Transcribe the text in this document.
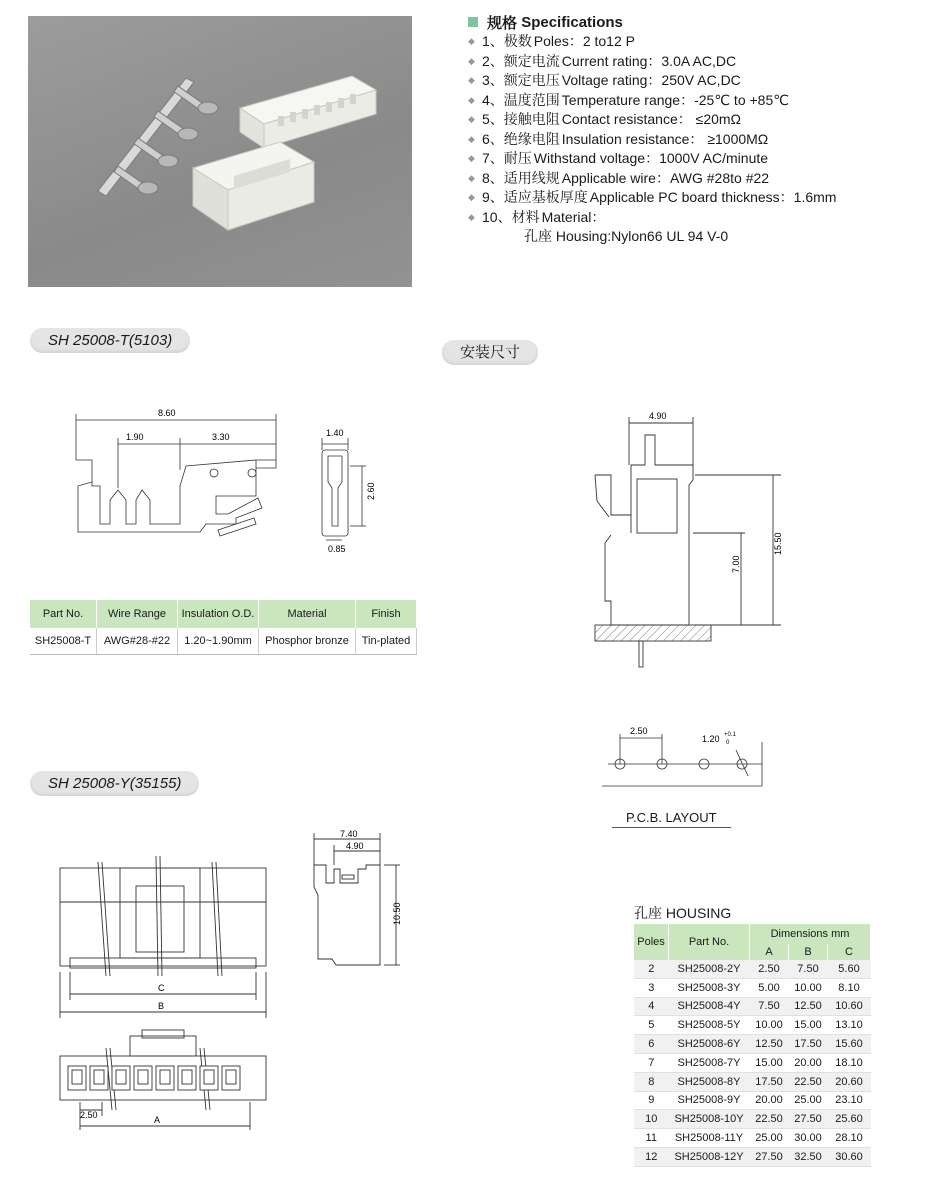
规格
Specifications
◆ 1、极数 Poles：2 to12 P
◆ 2、额定电流 Current rating：3.0A AC,DC
◆ 3、额定电压 Voltage rating：250V AC,DC
◆ 4、温度范围 Temperature range：-25℃ to +85℃
◆ 5、接触电阻 Contact resistance： ≤20mΩ
◆ 6、绝缘电阻 Insulation resistance： ≥1000MΩ
◆ 7、耐压 Withstand voltage：1000V AC/minute
◆ 8、适用线规 Applicable wire：AWG #28to #22
◆ 9、适应基板厚度 Applicable PC board thickness：1.6mm
◆ 10、材料 Material：
孔座 Housing:Nylon66 UL 94 V-0
SH 25008-T(5103)
安装尺寸
SH 25008-Y(35155)
8.60
1.90	3.30	1.40
2.60
0.85
Part No.	Wire Range	Insulation O.D.	Material	Finish
SH25008-T	AWG#28-#22	1.20~1.90mm	Phosphor bronze	Tin-plated
4.90
15.50
7.00
2.50
1.20 +0.1
0
P.C.B. LAYOUT
C
B
A
2.50
7.40
4.90
10.50	孔座 HOUSING
Poles	Part No.	Dimensions mm		
		A	B	C
2	SH25008-2Y	2.50	7.50	5.60
3	SH25008-3Y	5.00	10.00	8.10
4	SH25008-4Y	7.50	12.50	10.60
5	SH25008-5Y	10.00	15.00	13.10
6	SH25008-6Y	12.50	17.50	15.60
7	SH25008-7Y	15.00	20.00	18.10
8	SH25008-8Y	17.50	22.50	20.60
9	SH25008-9Y	20.00	25.00	23.10
10	SH25008-10Y	22.50	27.50	25.60
11	SH25008-11Y	25.00	30.00	28.10
12	SH25008-12Y	27.50	32.50	30.60
